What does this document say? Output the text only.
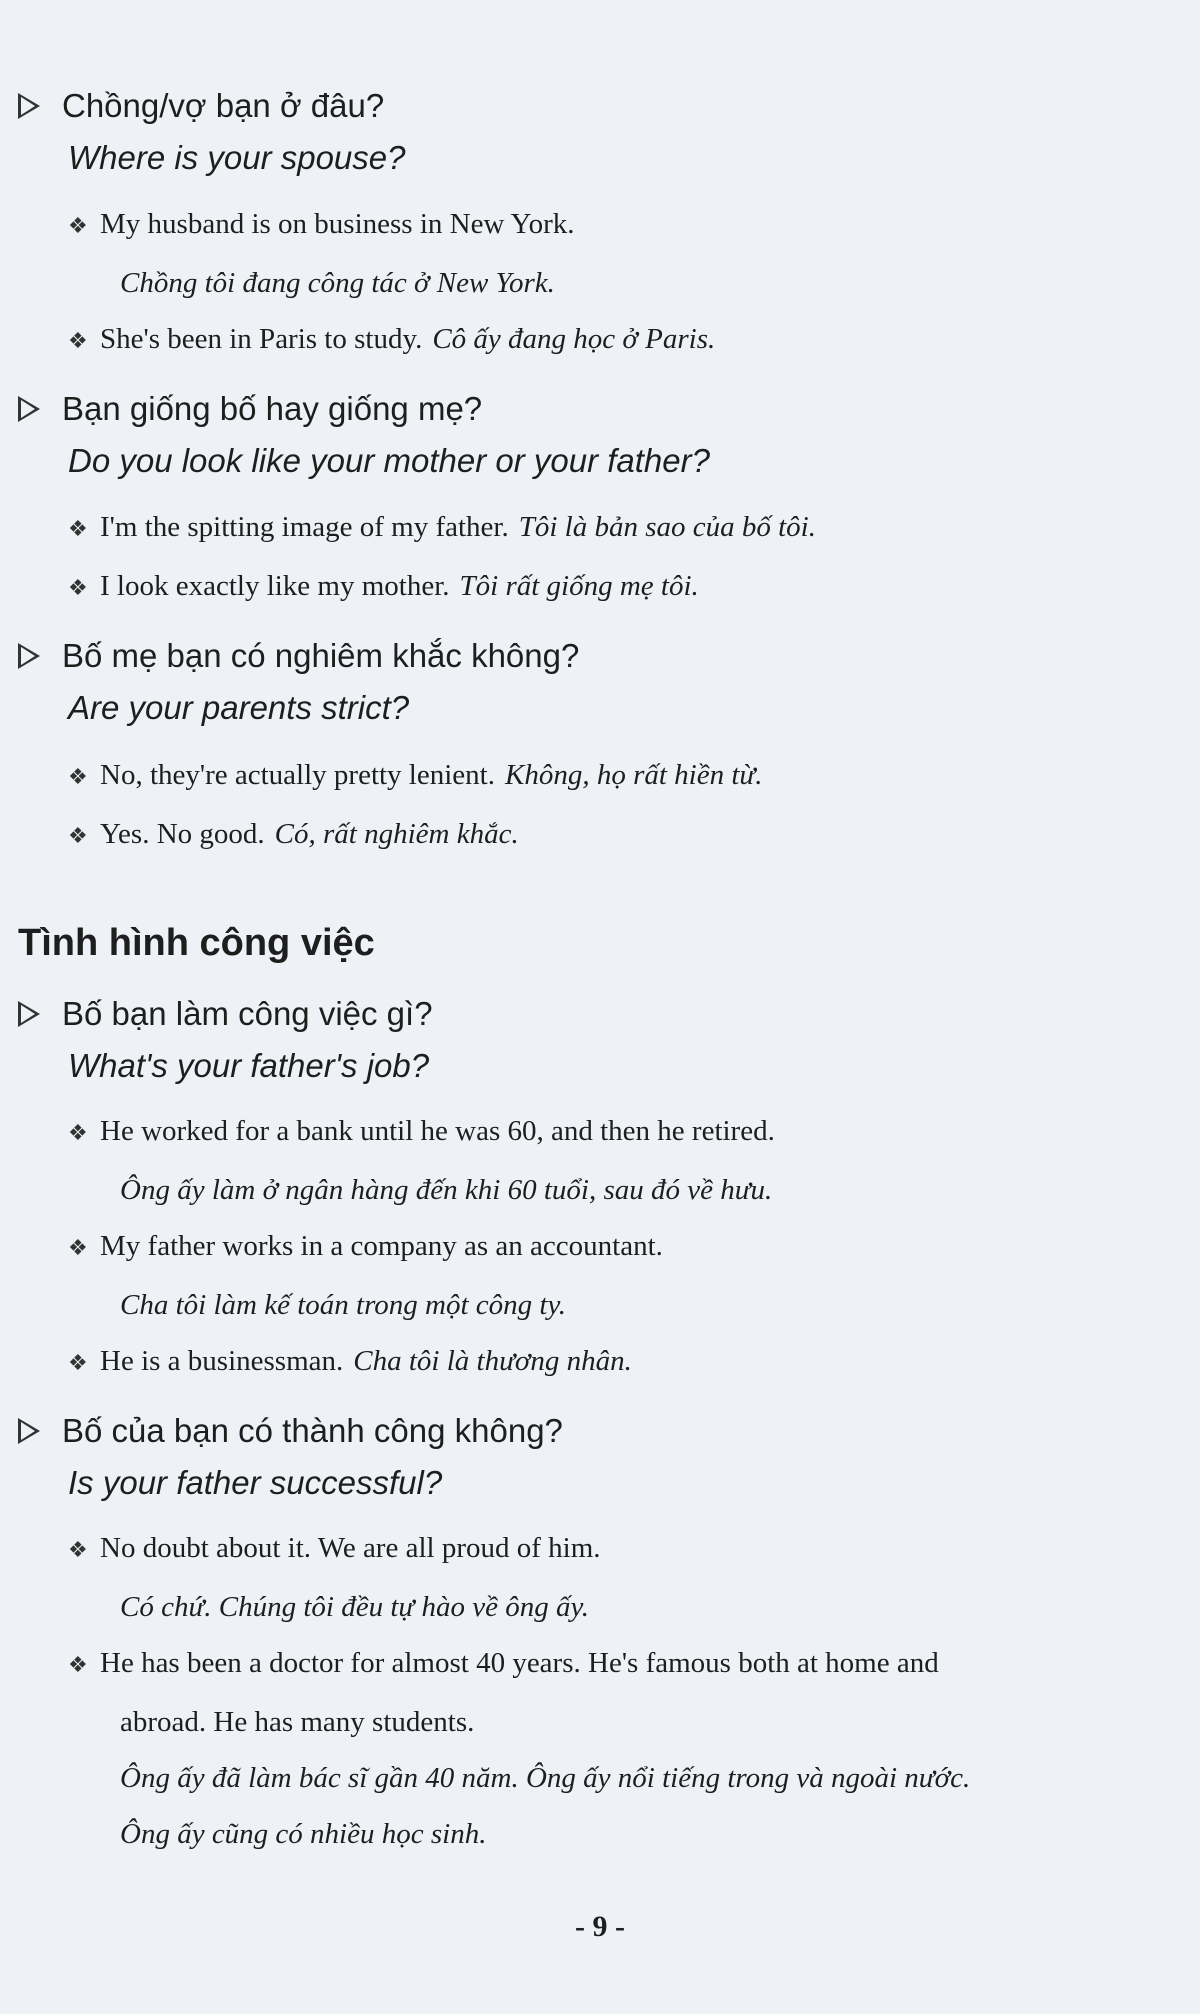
Chồng/vợ bạn ở đâu?
Where is your spouse?
❖ My husband is on business in New York.
Chồng tôi đang công tác ở New York.
❖ She's been in Paris to study. Cô ấy đang học ở Paris.
Bạn giống bố hay giống mẹ?
Do you look like your mother or your father?
❖ I'm the spitting image of my father. Tôi là bản sao của bố tôi.
❖ I look exactly like my mother. Tôi rất giống mẹ tôi.
Bố mẹ bạn có nghiêm khắc không?
Are your parents strict?
❖ No, they're actually pretty lenient. Không, họ rất hiền từ.
❖ Yes. No good. Có, rất nghiêm khắc.
Tình hình công việc
Bố bạn làm công việc gì?
What's your father's job?
❖ He worked for a bank until he was 60, and then he retired.
Ông ấy làm ở ngân hàng đến khi 60 tuổi, sau đó về hưu.
❖ My father works in a company as an accountant.
Cha tôi làm kế toán trong một công ty.
❖ He is a businessman. Cha tôi là thương nhân.
Bố của bạn có thành công không?
Is your father successful?
❖ No doubt about it. We are all proud of him.
Có chứ. Chúng tôi đều tự hào về ông ấy.
❖ He has been a doctor for almost 40 years. He's famous both at home and
abroad. He has many students.
Ông ấy đã làm bác sĩ gần 40 năm. Ông ấy nổi tiếng trong và ngoài nước.
Ông ấy cũng có nhiều học sinh.
- 9 -
